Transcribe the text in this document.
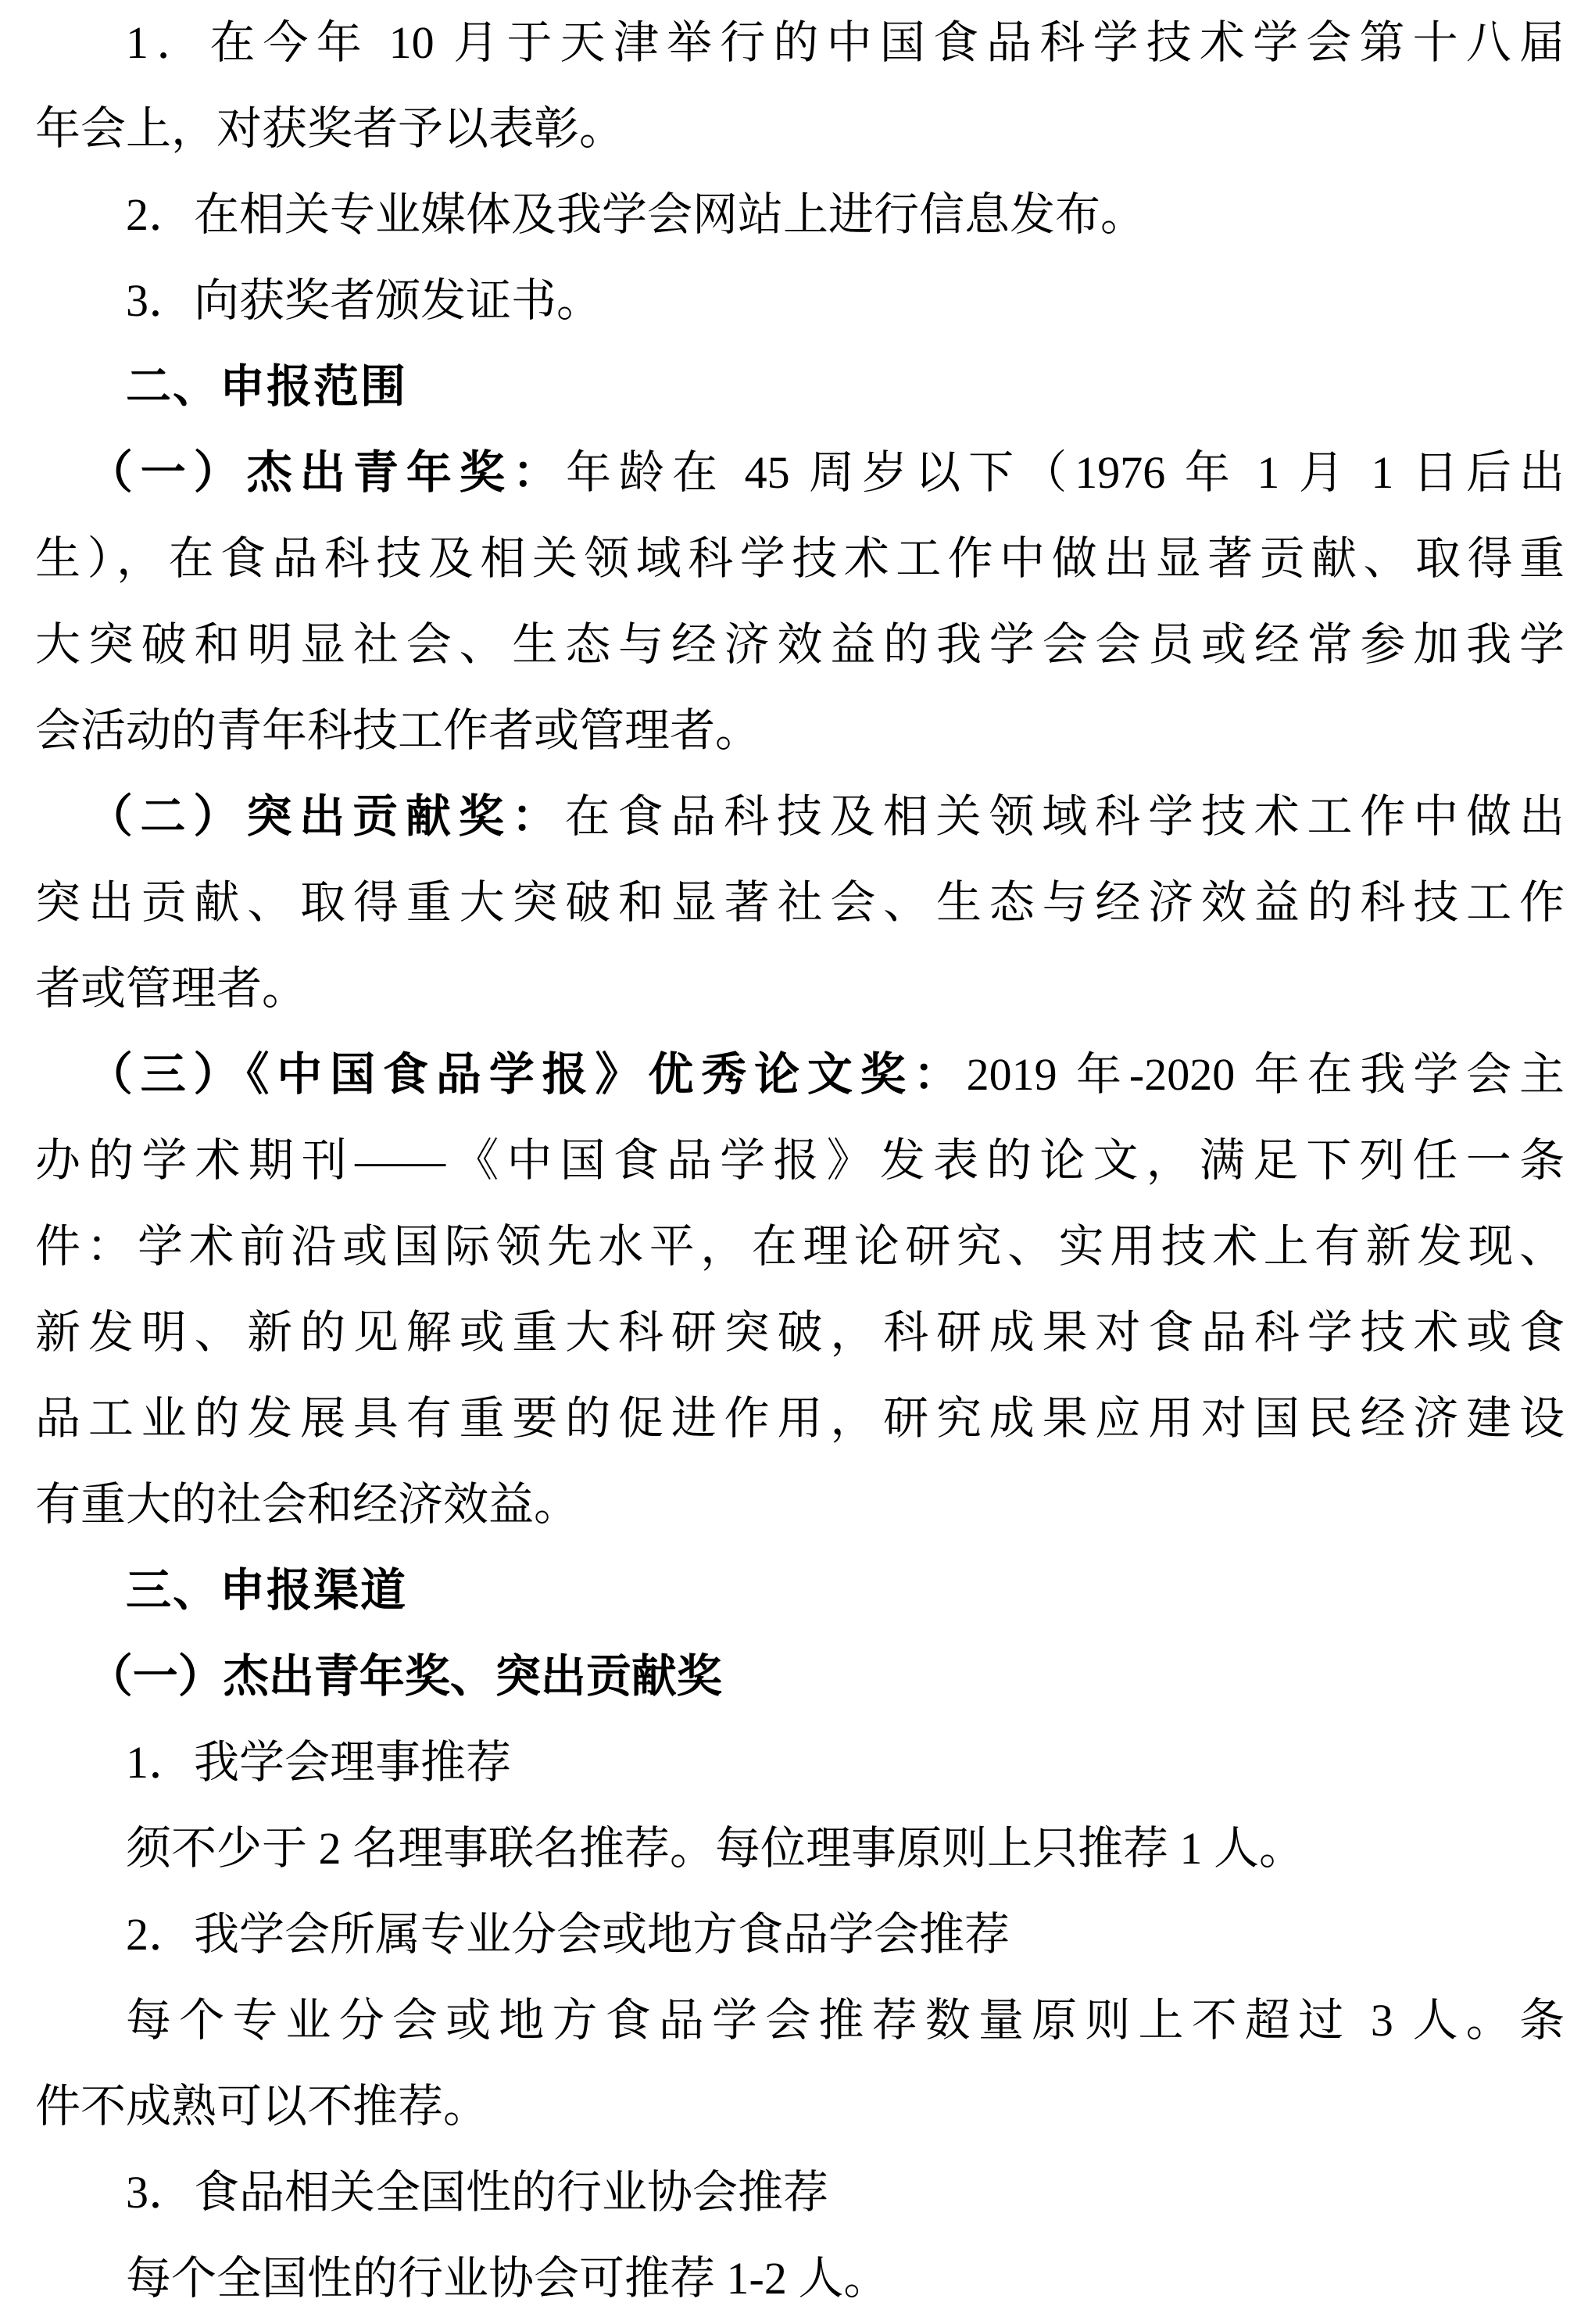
1．在今年 10 月于天津举行的中国食品科学技术学会第十八届
年会上，对获奖者予以表彰。
2．在相关专业媒体及我学会网站上进行信息发布。
3．向获奖者颁发证书。
二、申报范围
（一）杰出青年奖：年龄在 45 周岁以下（1976 年 1 月 1 日后出
生），在食品科技及相关领域科学技术工作中做出显著贡献、取得重
大突破和明显社会、生态与经济效益的我学会会员或经常参加我学
会活动的青年科技工作者或管理者。
（二）突出贡献奖：在食品科技及相关领域科学技术工作中做出
突出贡献、取得重大突破和显著社会、生态与经济效益的科技工作
者或管理者。
（三）《中国食品学报》优秀论文奖：2019 年-2020 年在我学会主
办的学术期刊——《中国食品学报》发表的论文，满足下列任一条
件：学术前沿或国际领先水平，在理论研究、实用技术上有新发现、
新发明、新的见解或重大科研突破，科研成果对食品科学技术或食
品工业的发展具有重要的促进作用，研究成果应用对国民经济建设
有重大的社会和经济效益。
三、申报渠道
（一）杰出青年奖、突出贡献奖
1．我学会理事推荐
须不少于 2 名理事联名推荐。每位理事原则上只推荐 1 人。
2．我学会所属专业分会或地方食品学会推荐
每个专业分会或地方食品学会推荐数量原则上不超过 3 人。条
件不成熟可以不推荐。
3．食品相关全国性的行业协会推荐
每个全国性的行业协会可推荐 1-2 人。
